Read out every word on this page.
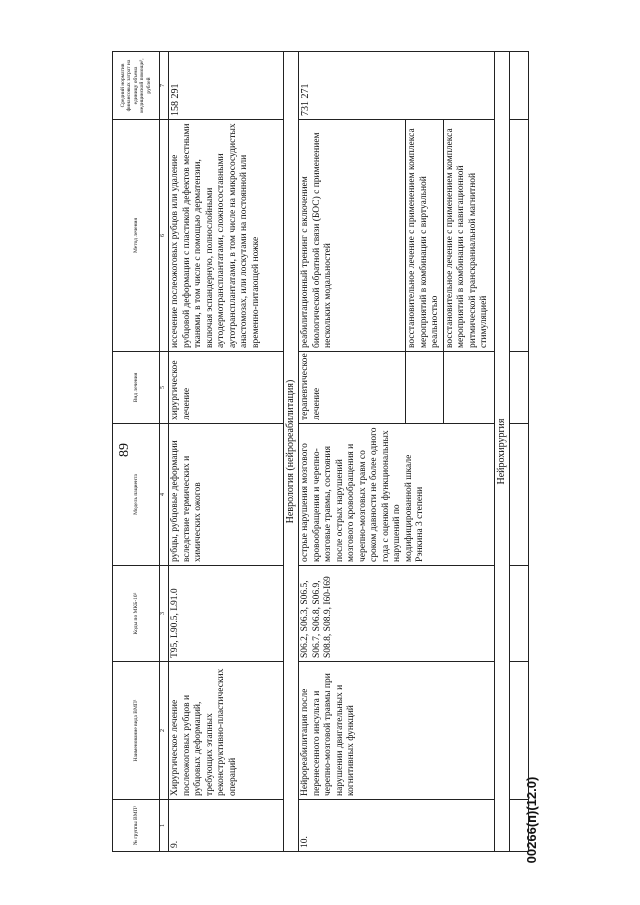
89
00266(п)(12.0)
№ группы ВМП¹	Наименование вида ВМП¹	Коды по МКБ-10²	Модель пациента	Вид лечения	Метод лечения	Средний норматив финансовых затрат на единицу объема медицинской помощи³, рублей
1	2	3	4	5	6	7
9.	Хирургическое лечение послеожоговых рубцов и рубцовых деформаций, требующих этапных реконструктивно-пластических операций	T95, L90.5, L91.0	рубцы, рубцовые деформации вследствие термических и химических ожогов	хирургическое лечение	иссечение послеожоговых рубцов или удаление рубцовой деформации с пластикой дефектов местными тканями, в том числе с помощью дерматензии, включая эспандерную, полнослойными аутодермотрансплантатами, сложносоставными аутотрансплантатами, в том числе на микрососудистых анастомозах, или лоскутами на постоянной или временно-питающей ножке	158 291
Неврология (нейрореабилитация)						
10.	Нейрореабилитация после перенесенного инсульта и черепно-мозговой травмы при нарушении двигательных и когнитивных функций	S06.2, S06.3, S06.5, S06.7, S06.8, S06.9, S08.8, S08.9, I60-I69	острые нарушения мозгового кровообращения и черепно-мозговые травмы, состояния после острых нарушений мозгового кровообращения и черепно-мозговых травм со сроком давности не более одного года с оценкой функциональных нарушений по модифицированной шкале Рэнкина 3 степени	терапевтическое лечение	реабилитационный тренинг с включением биологической обратной связи (БОС) с применением нескольких модальностей	731 271
					восстановительное лечение с применением комплекса мероприятий в комбинации с виртуальной реальностью	
					восстановительное лечение с применением комплекса мероприятий в комбинации с навигационной ритмической транскраниальной магнитной стимуляцией	
Нейрохирургия						
